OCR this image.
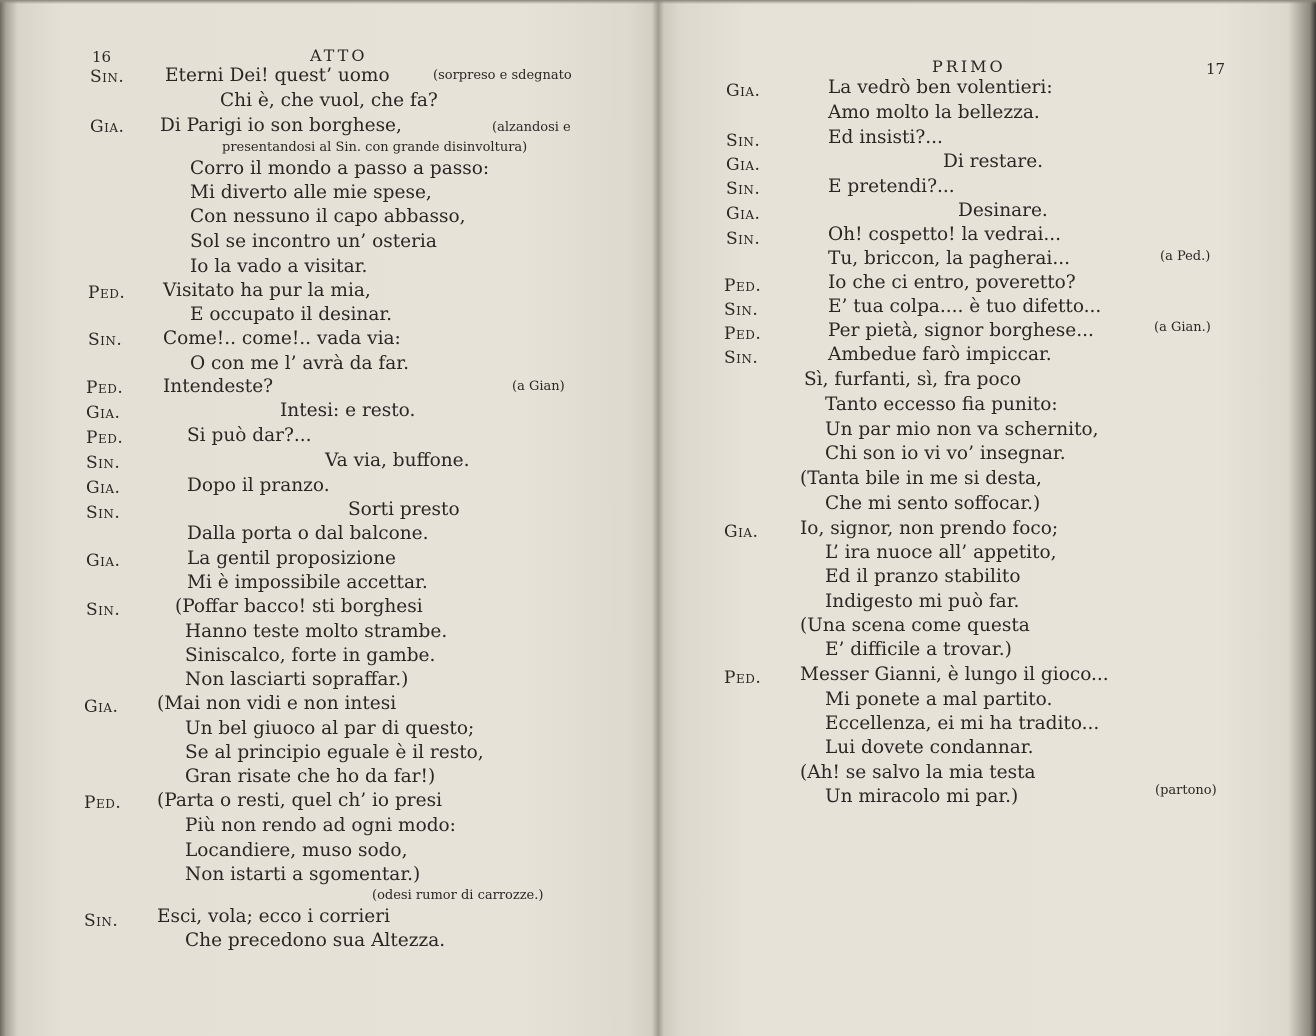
16	ATTO
Sin. Eterni Dei! quest’ uomo	(sorpreso e sdegnato
Chi è, che vuol, che fa?
Gia. Di Parigi io son borghese,	(alzandosi e
presentandosi al Sin. con grande disinvoltura)
Corro il mondo a passo a passo:
Mi diverto alle mie spese,
Con nessuno il capo abbasso,
Sol se incontro un’ osteria
Io la vado a visitar.
Ped. Visitato ha pur la mia,
E occupato il desinar.
Sin. Come!.. come!.. vada via:
O con me l’ avrà da far.
Ped. Intendeste?	(a Gian)
Gia.	Intesi: e resto.
Ped.	Si può dar?...
Sin.	Va via, buffone.
Gia.	Dopo il pranzo.
Sin.	Sorti presto
Dalla porta o dal balcone.
Gia.	La gentil proposizione
Mi è impossibile accettar.
Sin.	(Poffar bacco! sti borghesi
Hanno teste molto strambe.
Siniscalco, forte in gambe.
Non lasciarti sopraffar.)
Gia. (Mai non vidi e non intesi
Un bel giuoco al par di questo;
Se al principio eguale è il resto,
Gran risate che ho da far!)
Ped. (Parta o resti, quel ch’ io presi
Più non rendo ad ogni modo:
Locandiere, muso sodo,
Non istarti a sgomentar.)
(odesi rumor di carrozze.)
Sin. Esci, vola; ecco i corrieri
Che precedono sua Altezza.
PRIMO	17
Gia.	La vedrò ben volentieri:
Amo molto la bellezza.
Sin.	Ed insisti?...
Gia.	Di restare.
Sin.	E pretendi?...
Gia.	Desinare.
Sin.	Oh! cospetto! la vedrai...
Tu, briccon, la pagherai...	(a Ped.)
Ped.	Io che ci entro, poveretto?
Sin.	E’ tua colpa.... è tuo difetto...
Ped.	Per pietà, signor borghese...	(a Gian.)
Sin.	Ambedue farò impiccar.
Sì, furfanti, sì, fra poco
Tanto eccesso fia punito:
Un par mio non va schernito,
Chi son io vi vo’ insegnar.
(Tanta bile in me si desta,
Che mi sento soffocar.)
Gia. Io, signor, non prendo foco;
L’ ira nuoce all’ appetito,
Ed il pranzo stabilito
Indigesto mi può far.
(Una scena come questa
E’ difficile a trovar.)
Ped. Messer Gianni, è lungo il gioco...
Mi ponete a mal partito.
Eccellenza, ei mi ha tradito...
Lui dovete condannar.
(Ah! se salvo la mia testa
Un miracolo mi par.)	(partono)
